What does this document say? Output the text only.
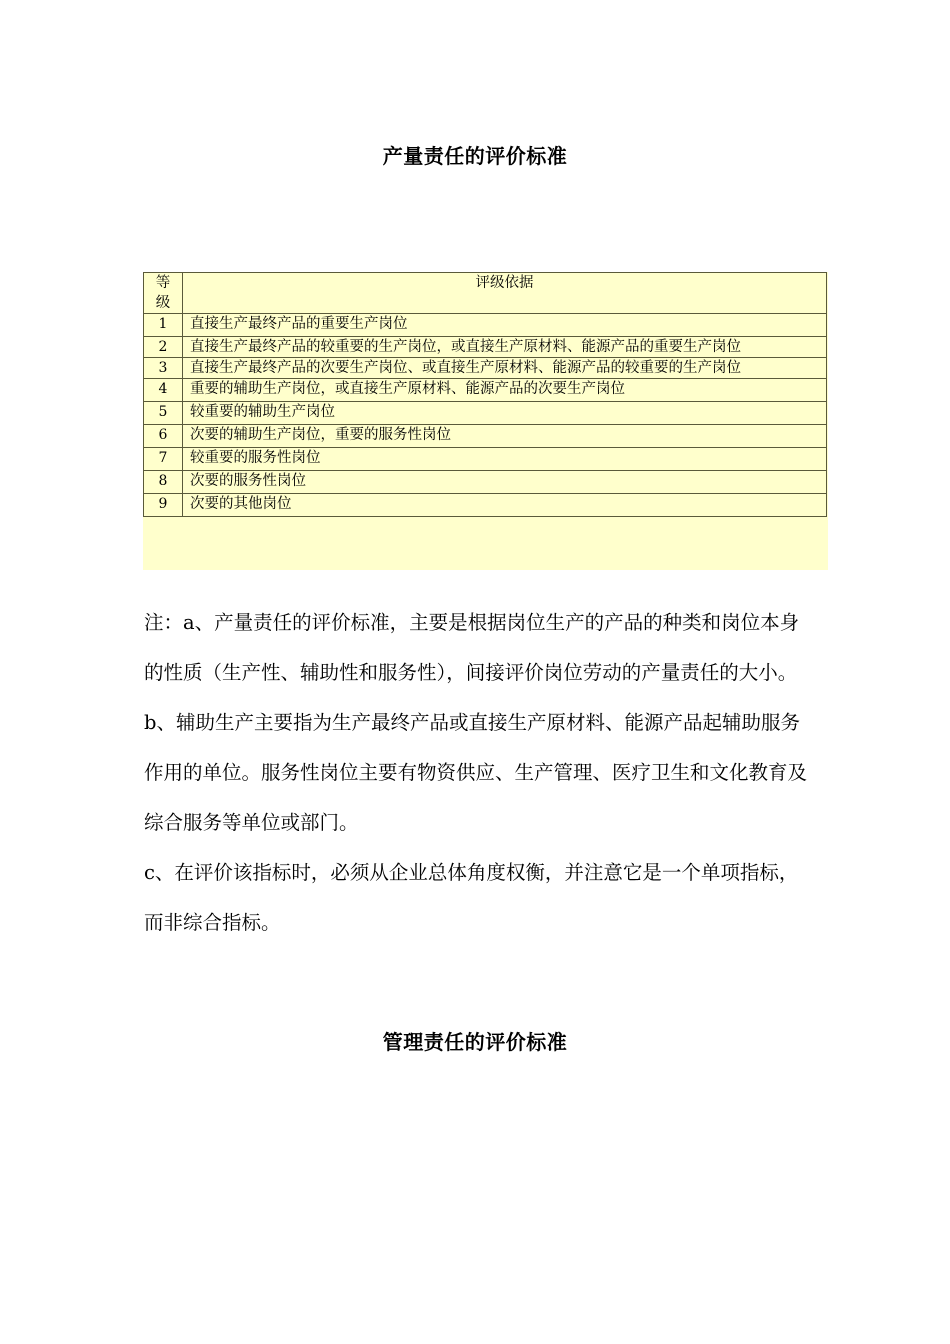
产量责任的评价标准
等级	评级依据
1	直接生产最终产品的重要生产岗位
2	直接生产最终产品的较重要的生产岗位，或直接生产原材料、能源产品的重要生产岗位
3	直接生产最终产品的次要生产岗位、或直接生产原材料、能源产品的较重要的生产岗位
4	重要的辅助生产岗位，或直接生产原材料、能源产品的次要生产岗位
5	较重要的辅助生产岗位
6	次要的辅助生产岗位，重要的服务性岗位
7	较重要的服务性岗位
8	次要的服务性岗位
9	次要的其他岗位

注：a、产量责任的评价标准，主要是根据岗位生产的产品的种类和岗位本身的性质（生产性、辅助性和服务性），间接评价岗位劳动的产量责任的大小。

b、辅助生产主要指为生产最终产品或直接生产原材料、能源产品起辅助服务作用的单位。服务性岗位主要有物资供应、生产管理、医疗卫生和文化教育及综合服务等单位或部门。

c、在评价该指标时，必须从企业总体角度权衡，并注意它是一个单项指标，而非综合指标。

管理责任的评价标准
